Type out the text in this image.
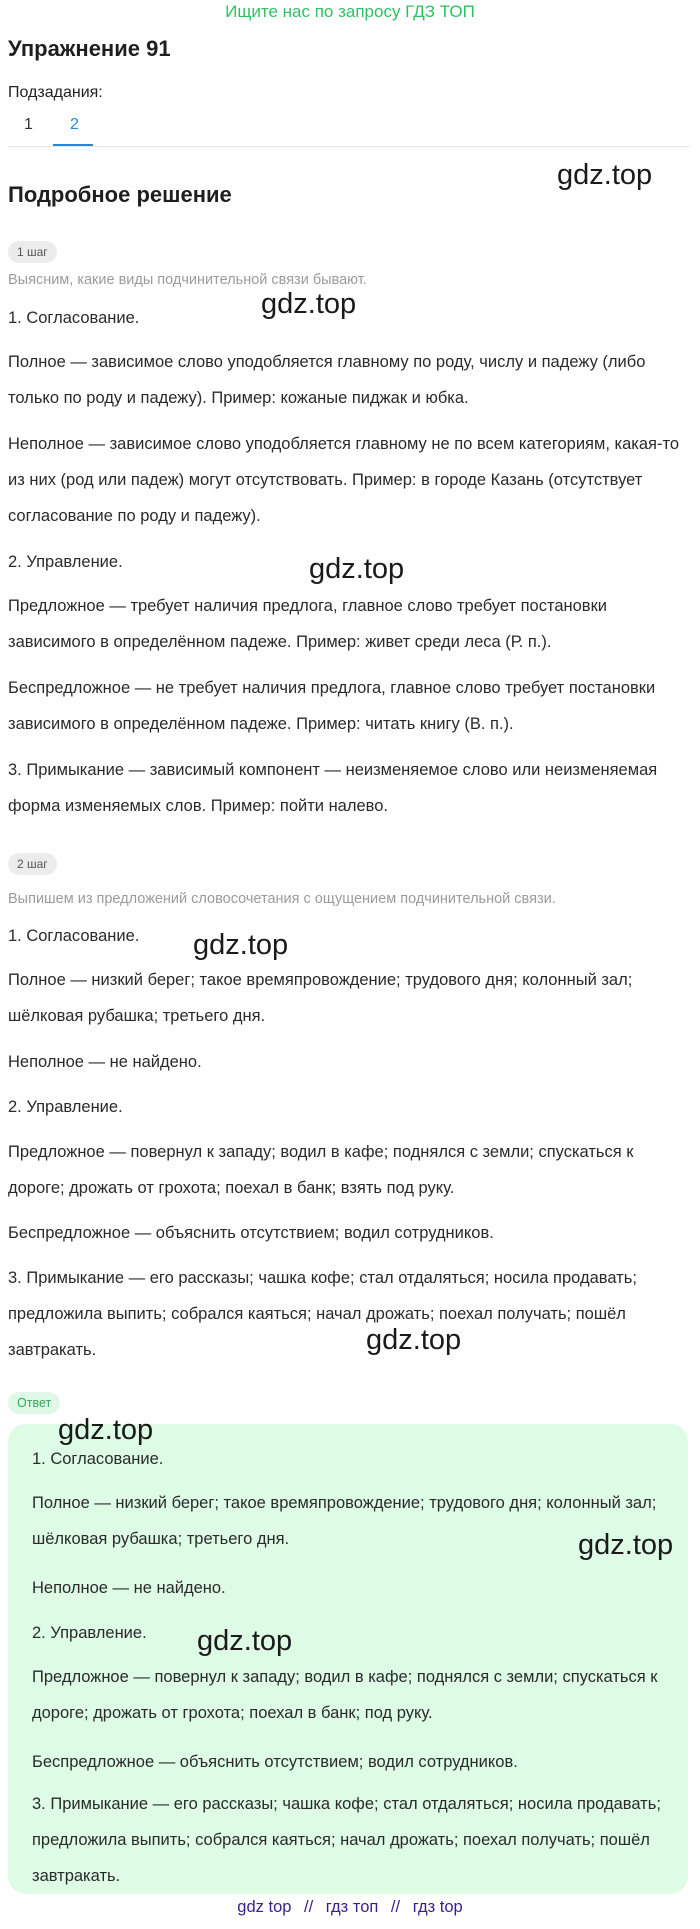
Ищите нас по запросу ГДЗ ТОП
Упражнение 91
Подзадания:
1 2
Подробное решение
1 шаг
Выясним, какие виды подчинительной связи бывают.
1. Согласование.
Полное — зависимое слово уподобляется главному по роду, числу и падежу (либо только по роду и падежу). Пример: кожаные пиджак и юбка.
Неполное — зависимое слово уподобляется главному не по всем категориям, какая-то из них (род или падеж) могут отсутствовать. Пример: в городе Казань (отсутствует согласование по роду и падежу).
2. Управление.
Предложное — требует наличия предлога, главное слово требует постановки зависимого в определённом падеже. Пример: живет среди леса (Р. п.).
Беспредложное — не требует наличия предлога, главное слово требует постановки зависимого в определённом падеже. Пример: читать книгу (В. п.).
3. Примыкание — зависимый компонент — неизменяемое слово или неизменяемая форма изменяемых слов. Пример: пойти налево.
2 шаг
Выпишем из предложений словосочетания с ощущением подчинительной связи.
1. Согласование.
Полное — низкий берег; такое времяпровождение; трудового дня; колонный зал; шёлковая рубашка; третьего дня.
Неполное — не найдено.
2. Управление.
Предложное — повернул к западу; водил в кафе; поднялся с земли; спускаться к дороге; дрожать от грохота; поехал в банк; взять под руку.
Беспредложное — объяснить отсутствием; водил сотрудников.
3. Примыкание — его рассказы; чашка кофе; стал отдаляться; носила продавать; предложила выпить; собрался каяться; начал дрожать; поехал получать; пошёл завтракать.
Ответ
1. Согласование.
Полное — низкий берег; такое времяпровождение; трудового дня; колонный зал; шёлковая рубашка; третьего дня.
Неполное — не найдено.
2. Управление.
Предложное — повернул к западу; водил в кафе; поднялся с земли; спускаться к дороге; дрожать от грохота; поехал в банк; под руку.
Беспредложное — объяснить отсутствием; водил сотрудников.
3. Примыкание — его рассказы; чашка кофе; стал отдаляться; носила продавать; предложила выпить; собрался каяться; начал дрожать; поехал получать; пошёл завтракать.
gdz.top
gdz.top
gdz.top
gdz.top
gdz.top
gdz.top
gdz.top
gdz.top
gdz top // гдз топ // гдз top
